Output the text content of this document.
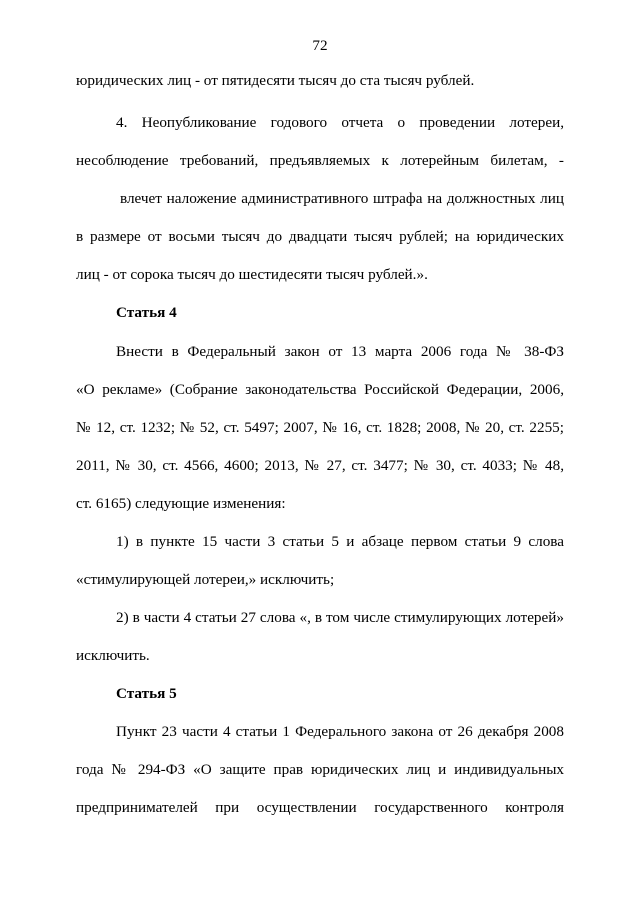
72
юридических лиц - от пятидесяти тысяч до ста тысяч рублей.
4. Неопубликование годового отчета о проведении лотереи,
несоблюдение требований, предъявляемых к лотерейным билетам, -
влечет наложение административного штрафа на должностных лиц
в размере от восьми тысяч до двадцати тысяч рублей; на юридических
лиц - от сорока тысяч до шестидесяти тысяч рублей.».
Статья 4
Внести в Федеральный закон от 13 марта 2006 года № 38-ФЗ
«О рекламе» (Собрание законодательства Российской Федерации, 2006,
№ 12, ст. 1232; № 52, ст. 5497; 2007, № 16, ст. 1828; 2008, № 20, ст. 2255;
2011, № 30, ст. 4566, 4600; 2013, № 27, ст. 3477; № 30, ст. 4033; № 48,
ст. 6165) следующие изменения:
1) в пункте 15 части 3 статьи 5 и абзаце первом статьи 9 слова
«стимулирующей лотереи,» исключить;
2) в части 4 статьи 27 слова «, в том числе стимулирующих лотерей»
исключить.
Статья 5
Пункт 23 части 4 статьи 1 Федерального закона от 26 декабря 2008
года № 294-ФЗ «О защите прав юридических лиц и индивидуальных
предпринимателей при осуществлении государственного контроля
